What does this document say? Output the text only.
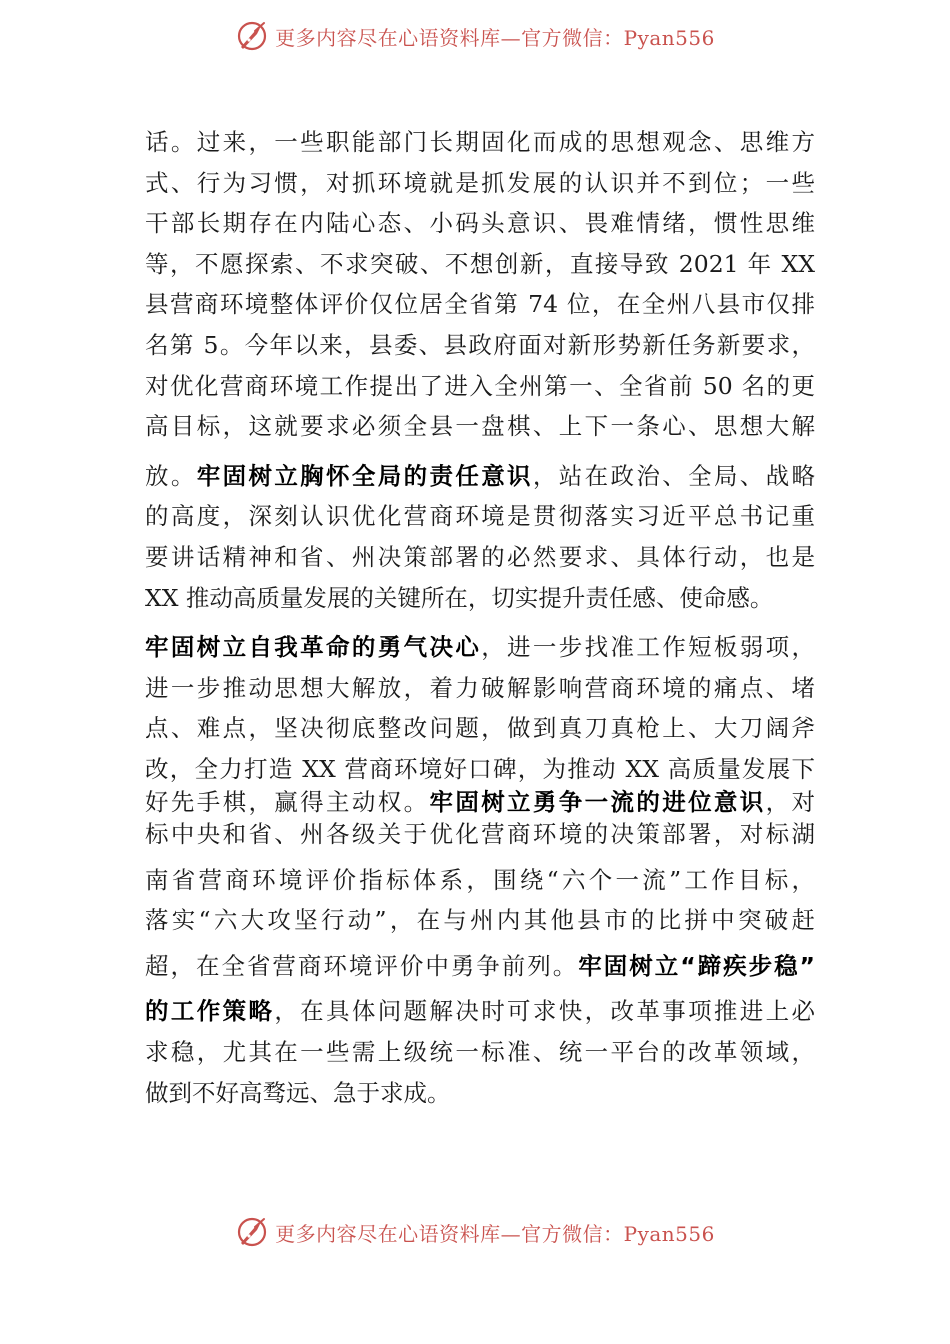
更多内容尽在心语资料库—官方微信：Pyan556
话。过来，一些职能部门长期固化而成的思想观念、思维方
式、行为习惯，对抓环境就是抓发展的认识并不到位；一些
干部长期存在内陆心态、小码头意识、畏难情绪，惯性思维
等，不愿探索、不求突破、不想创新，直接导致 2021 年 XX
县营商环境整体评价仅位居全省第 74 位，在全州八县市仅排
名第 5。今年以来，县委、县政府面对新形势新任务新要求，
对优化营商环境工作提出了进入全州第一、全省前 50 名的更
高目标，这就要求必须全县一盘棋、上下一条心、思想大解
放。牢固树立胸怀全局的责任意识，站在政治、全局、战略
的高度，深刻认识优化营商环境是贯彻落实习近平总书记重
要讲话精神和省、州决策部署的必然要求、具体行动，也是
XX 推动高质量发展的关键所在，切实提升责任感、使命感。
牢固树立自我革命的勇气决心，进一步找准工作短板弱项，
进一步推动思想大解放，着力破解影响营商环境的痛点、堵
点、难点，坚决彻底整改问题，做到真刀真枪上、大刀阔斧
改，全力打造 XX 营商环境好口碑，为推动 XX 高质量发展下
好先手棋，赢得主动权。牢固树立勇争一流的进位意识，对
标中央和省、州各级关于优化营商环境的决策部署，对标湖
南省营商环境评价指标体系，围绕“六个一流”工作目标，
落实“六大攻坚行动”，在与州内其他县市的比拼中突破赶
超，在全省营商环境评价中勇争前列。牢固树立“蹄疾步稳”
的工作策略，在具体问题解决时可求快，改革事项推进上必
求稳，尤其在一些需上级统一标准、统一平台的改革领域，
做到不好高骛远、急于求成。
更多内容尽在心语资料库—官方微信：Pyan556
